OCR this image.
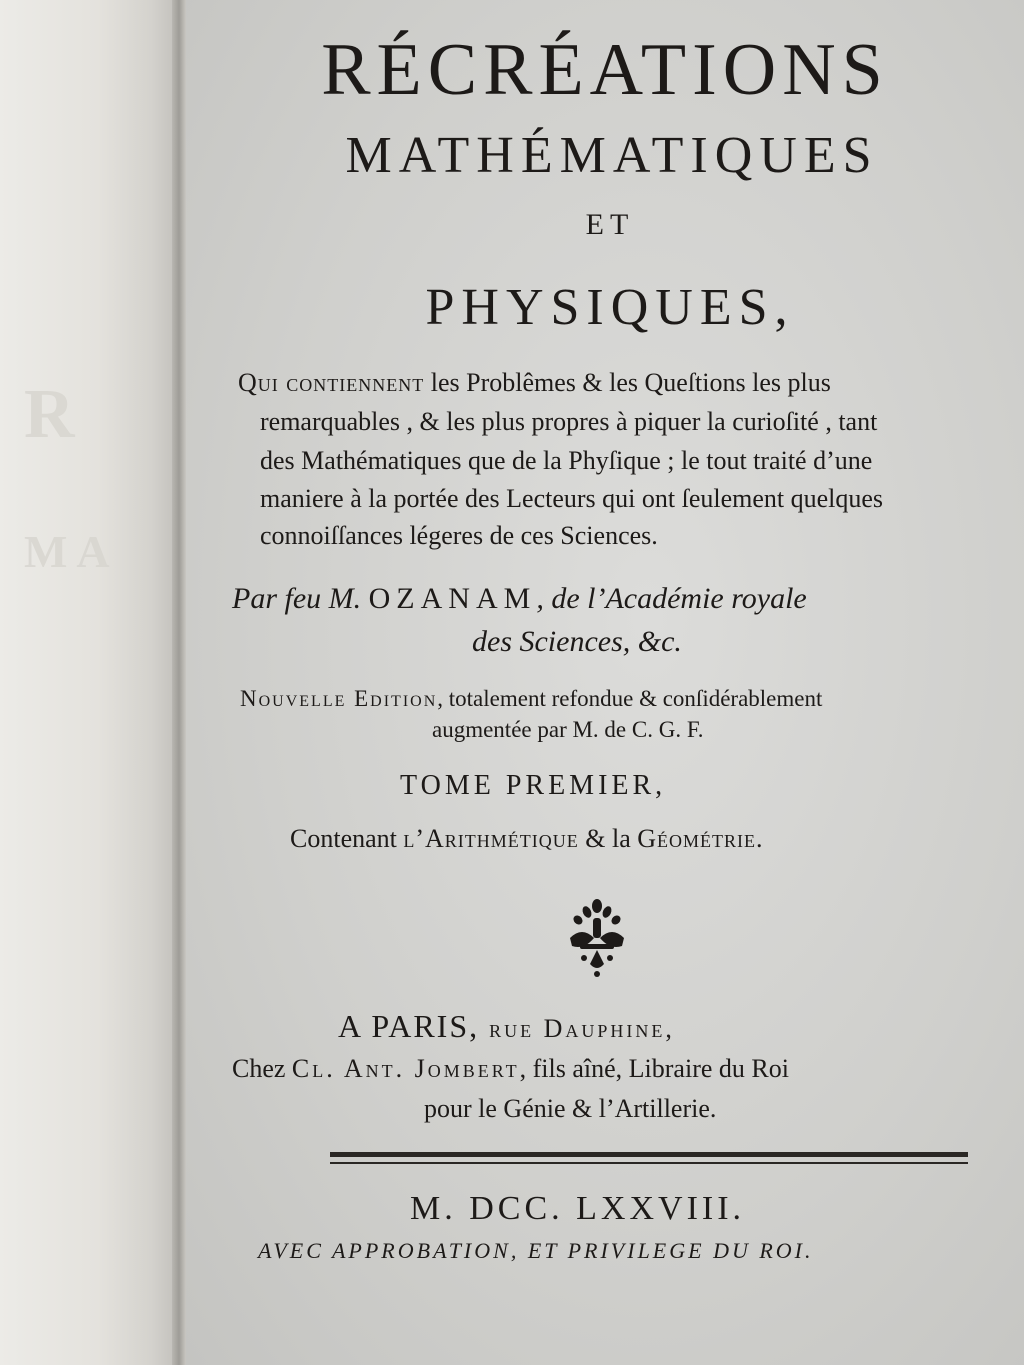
R
M A
RÉCRÉATIONS
MATHÉMATIQUES
ET
PHYSIQUES,
Qui contiennent les Problêmes & les Queſtions les plus
remarquables , & les plus propres à piquer la curioſité , tant
des Mathématiques que de la Phyſique ; le tout traité d’une
maniere à la portée des Lecteurs qui ont ſeulement quelques
connoiſſances légeres de ces Sciences.
Par feu M. OZANAM, de l’Académie royale
des Sciences, &c.
Nouvelle Edition, totalement refondue & conſidérablement
augmentée par M. de C. G. F.
TOME PREMIER,
Contenant l’Arithmétique & la Géométrie.
A PARIS, rue Dauphine,
Chez Cl. Ant. Jombert, fils aîné, Libraire du Roi
pour le Génie & l’Artillerie.
M. DCC. LXXVIII.
AVEC APPROBATION, ET PRIVILEGE DU ROI.
